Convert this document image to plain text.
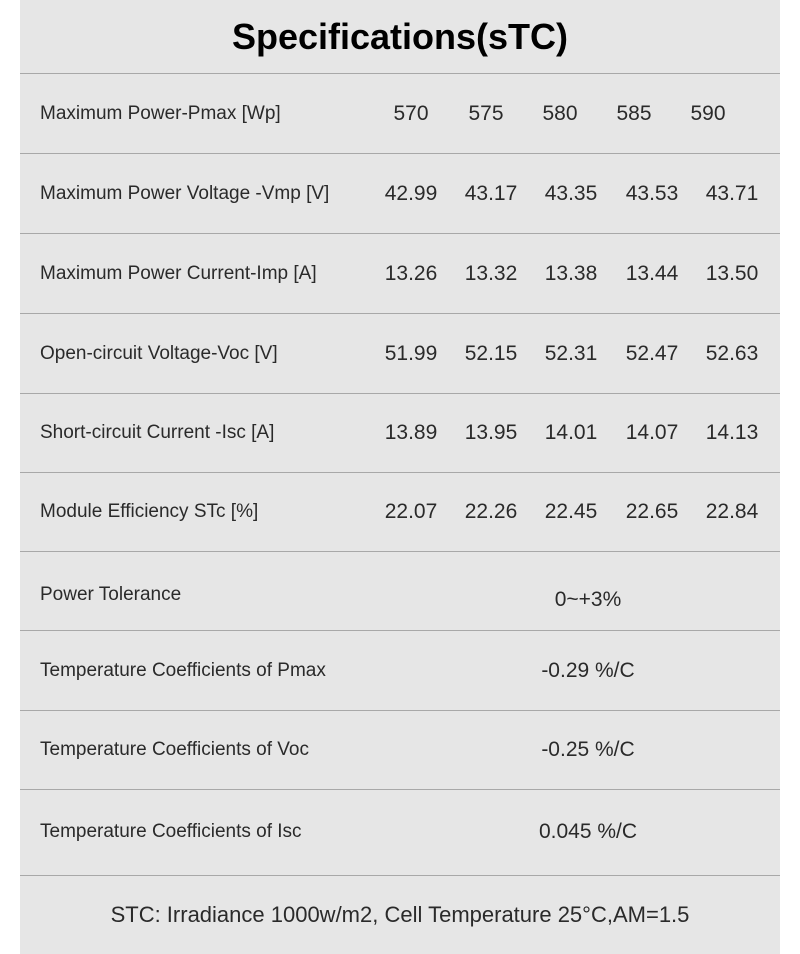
Specifications(sTC)
Maximum Power-Pmax [Wp]	570 575 580 585 590
Maximum Power Voltage -Vmp [V]	42.99 43.17 43.35 43.53 43.71
Maximum Power Current-Imp [A]	13.26 13.32 13.38 13.44 13.50
Open-circuit Voltage-Voc [V]	51.99 52.15 52.31 52.47 52.63
Short-circuit Current -Isc [A]	13.89 13.95 14.01 14.07 14.13
Module Efficiency STc [%]	22.07 22.26 22.45 22.65 22.84
Power Tolerance	0~+3%
Temperature Coefficients of Pmax	-0.29 %/C
Temperature Coefficients of Voc	-0.25 %/C
Temperature Coefficients of Isc	0.045 %/C
STC: Irradiance 1000w/m2, Cell Temperature 25°C,AM=1.5
